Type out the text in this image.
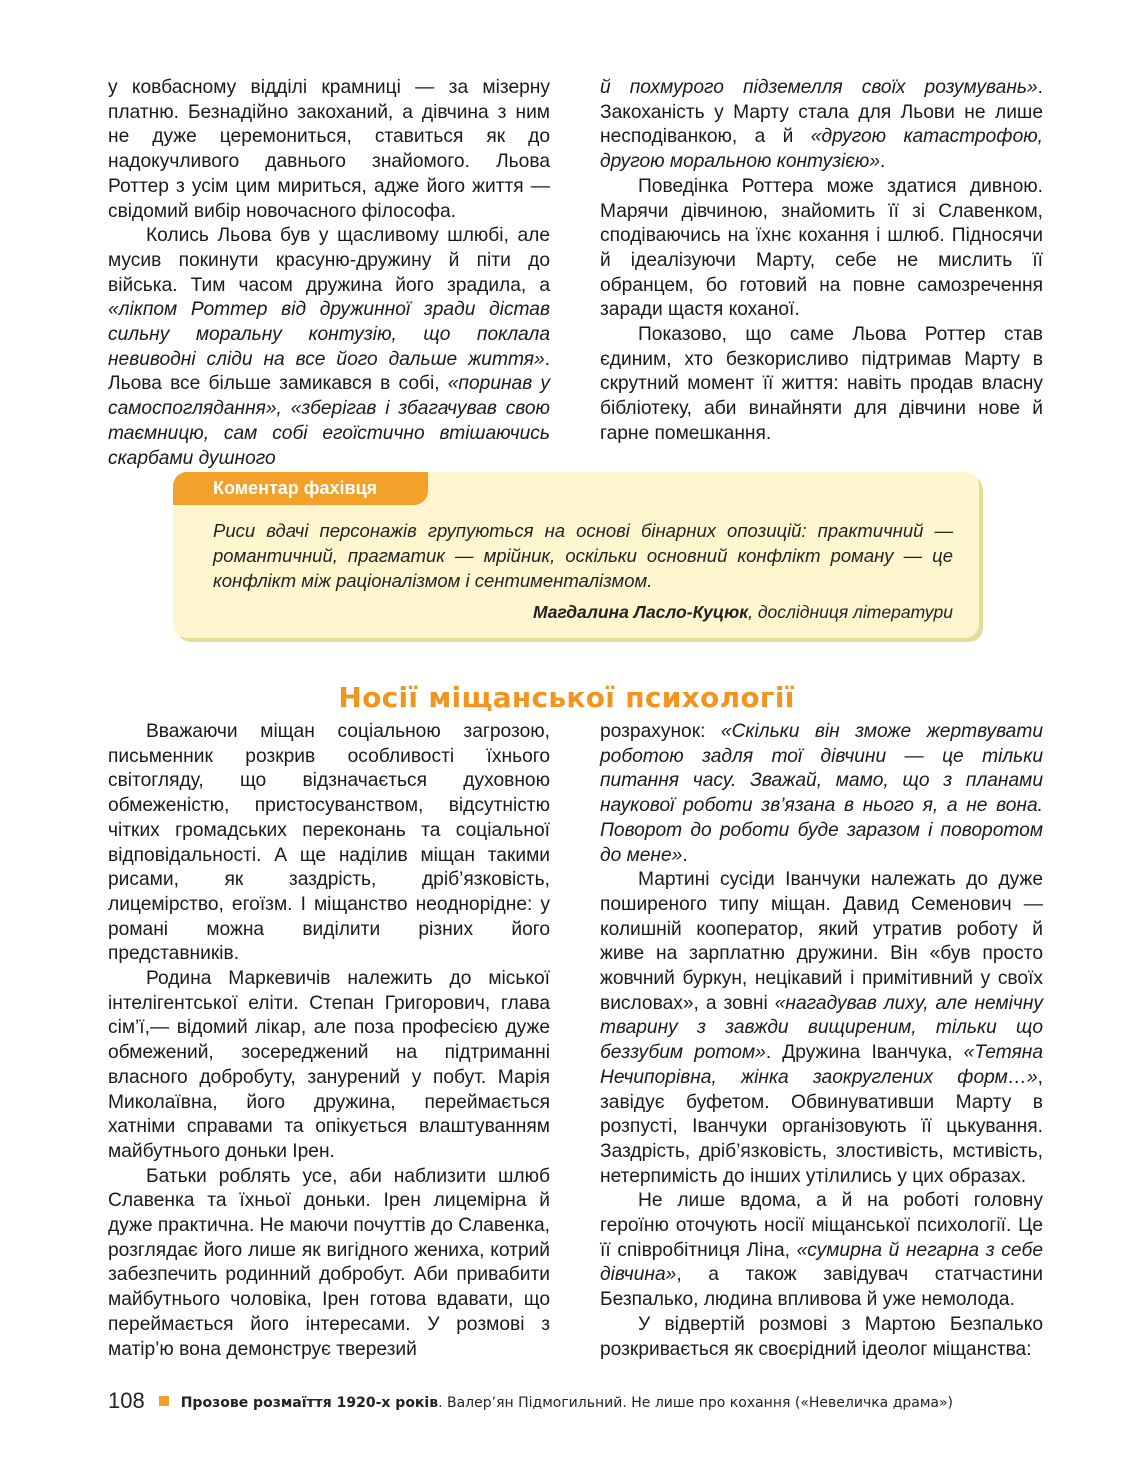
у ковбасному відділі крамниці — за мізерну платню. Безнадійно закоханий, а дівчина з ним не дуже церемониться, ставиться як до надокучливого давнього знайомого. Льова Роттер з усім цим мириться, адже його життя — свідомий вибір новочасного філософа.

Колись Льова був у щасливому шлюбі, але мусив покинути красуню-дружину й піти до війська. Тим часом дружина його зрадила, а «лікпом Роттер від дружинної зради дістав сильну моральну контузію, що поклала невиводні сліди на все його дальше життя». Льова все більше замикався в собі, «поринав у самоспоглядання», «зберігав і збагачував свою таємницю, сам собі егоїстично втішаючись скарбами душного

й похмурого підземелля своїх розумувань». Закоханість у Марту стала для Льови не лише несподіванкою, а й «другою катастрофою, другою моральною контузією».

Поведінка Роттера може здатися дивною. Марячи дівчиною, знайомить її зі Славенком, сподіваючись на їхнє кохання і шлюб. Підносячи й ідеалізуючи Марту, себе не мислить її обранцем, бо готовий на повне самозречення заради щастя коханої.

Показово, що саме Льова Роттер став єдиним, хто безкорисливо підтримав Марту в скрутний момент її життя: навіть продав власну бібліотеку, аби винайняти для дівчини нове й гарне помешкання.

Коментар фахівця
Риси вдачі персонажів групуються на основі бінарних опозицій: практичний — романтичний, прагматик — мрійник, оскільки основний конфлікт роману — це конфлікт між раціоналізмом і сентименталізмом.
Магдалина Ласло-Куцюк, дослідниця літератури
Носії міщанської психології

Вважаючи міщан соціальною загрозою, письменник розкрив особливості їхнього світогляду, що відзначається духовною обмеженістю, пристосуванством, відсутністю чітких громадських переконань та соціальної відповідальності. А ще наділив міщан такими рисами, як заздрість, дріб’язковість, лицемірство, егоїзм. І міщанство неоднорідне: у романі можна виділити різних його представників.

Родина Маркевичів належить до міської інтелігентської еліти. Степан Григорович, глава сім’ї,— відомий лікар, але поза професією дуже обмежений, зосереджений на підтриманні власного добробуту, занурений у побут. Марія Миколаївна, його дружина, переймається хатніми справами та опікується влаштуванням майбутнього доньки Ірен.

Батьки роблять усе, аби наблизити шлюб Славенка та їхньої доньки. Ірен лицемірна й дуже практична. Не маючи почуттів до Славенка, розглядає його лише як вигідного жениха, котрий забезпечить родинний добробут. Аби привабити майбутнього чоловіка, Ірен готова вдавати, що переймається його інтересами. У розмові з матір’ю вона демонструє тверезий

розрахунок: «Скільки він зможе жертвувати роботою задля тої дівчини — це тільки питання часу. Зважай, мамо, що з планами наукової роботи зв’язана в нього я, а не вона. Поворот до роботи буде заразом і поворотом до мене».

Мартині сусіди Іванчуки належать до дуже поширеного типу міщан. Давид Семенович — колишній кооператор, який утратив роботу й живе на зарплатню дружини. Він «був просто жовчний буркун, нецікавий і примітивний у своїх висловах», а зовні «нагадував лиху, але немічну тварину з завжди вищиреним, тільки що беззубим ротом». Дружина Іванчука, «Тетяна Нечипорівна, жінка заокруглених форм…», завідує буфетом. Обвинувативши Марту в розпусті, Іванчуки організовують її цькування. Заздрість, дріб’язковість, злостивість, мстивість, нетерпимість до інших утілились у цих образах.

Не лише вдома, а й на роботі головну героїню оточують носії міщанської психології. Це її співробітниця Ліна, «сумирна й негарна з себе дівчина», а також завідувач статчастини Безпалько, людина впливова й уже немолода.

У відвертій розмові з Мартою Безпалько розкривається як своєрідний ідеолог міщанства:

108	Прозове розмаїття 1920-х років. Валер’ян Підмогильний. Не лише про кохання («Невеличка драма»)
